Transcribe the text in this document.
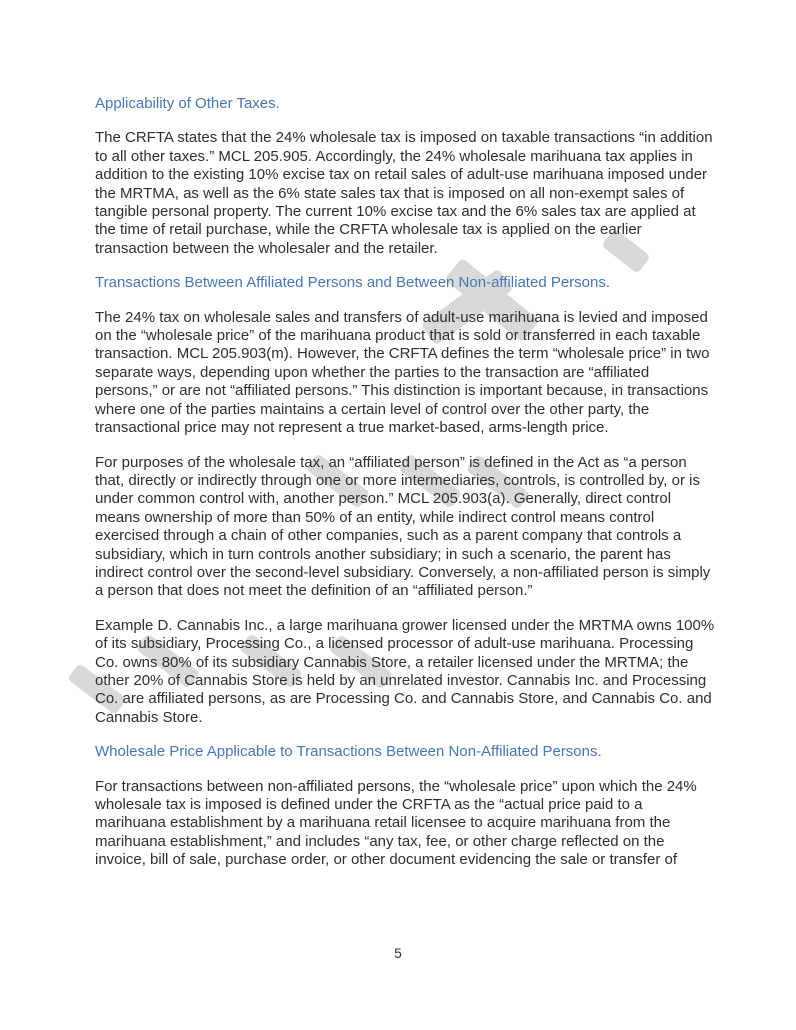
Applicability of Other Taxes.

The CRFTA states that the 24% wholesale tax is imposed on taxable transactions “in addition to all other taxes.” MCL 205.905. Accordingly, the 24% wholesale marihuana tax applies in addition to the existing 10% excise tax on retail sales of adult-use marihuana imposed under the MRTMA, as well as the 6% state sales tax that is imposed on all non-exempt sales of tangible personal property. The current 10% excise tax and the 6% sales tax are applied at the time of retail purchase, while the CRFTA wholesale tax is applied on the earlier transaction between the wholesaler and the retailer.

Transactions Between Affiliated Persons and Between Non-affiliated Persons.

The 24% tax on wholesale sales and transfers of adult-use marihuana is levied and imposed on the “wholesale price” of the marihuana product that is sold or transferred in each taxable transaction. MCL 205.903(m). However, the CRFTA defines the term “wholesale price” in two separate ways, depending upon whether the parties to the transaction are “affiliated persons,” or are not “affiliated persons.” This distinction is important because, in transactions where one of the parties maintains a certain level of control over the other party, the transactional price may not represent a true market-based, arms-length price.

For purposes of the wholesale tax, an “affiliated person” is defined in the Act as “a person that, directly or indirectly through one or more intermediaries, controls, is controlled by, or is under common control with, another person.” MCL 205.903(a). Generally, direct control means ownership of more than 50% of an entity, while indirect control means control exercised through a chain of other companies, such as a parent company that controls a subsidiary, which in turn controls another subsidiary; in such a scenario, the parent has indirect control over the second-level subsidiary. Conversely, a non-affiliated person is simply a person that does not meet the definition of an “affiliated person.”

Example D. Cannabis Inc., a large marihuana grower licensed under the MRTMA owns 100% of its subsidiary, Processing Co., a licensed processor of adult-use marihuana. Processing Co. owns 80% of its subsidiary Cannabis Store, a retailer licensed under the MRTMA; the other 20% of Cannabis Store is held by an unrelated investor. Cannabis Inc. and Processing Co. are affiliated persons, as are Processing Co. and Cannabis Store, and Cannabis Co. and Cannabis Store.

Wholesale Price Applicable to Transactions Between Non-Affiliated Persons.

For transactions between non-affiliated persons, the “wholesale price” upon which the 24% wholesale tax is imposed is defined under the CRFTA as the “actual price paid to a marihuana establishment by a marihuana retail licensee to acquire marihuana from the marihuana establishment,” and includes “any tax, fee, or other charge reflected on the invoice, bill of sale, purchase order, or other document evidencing the sale or transfer of

5
